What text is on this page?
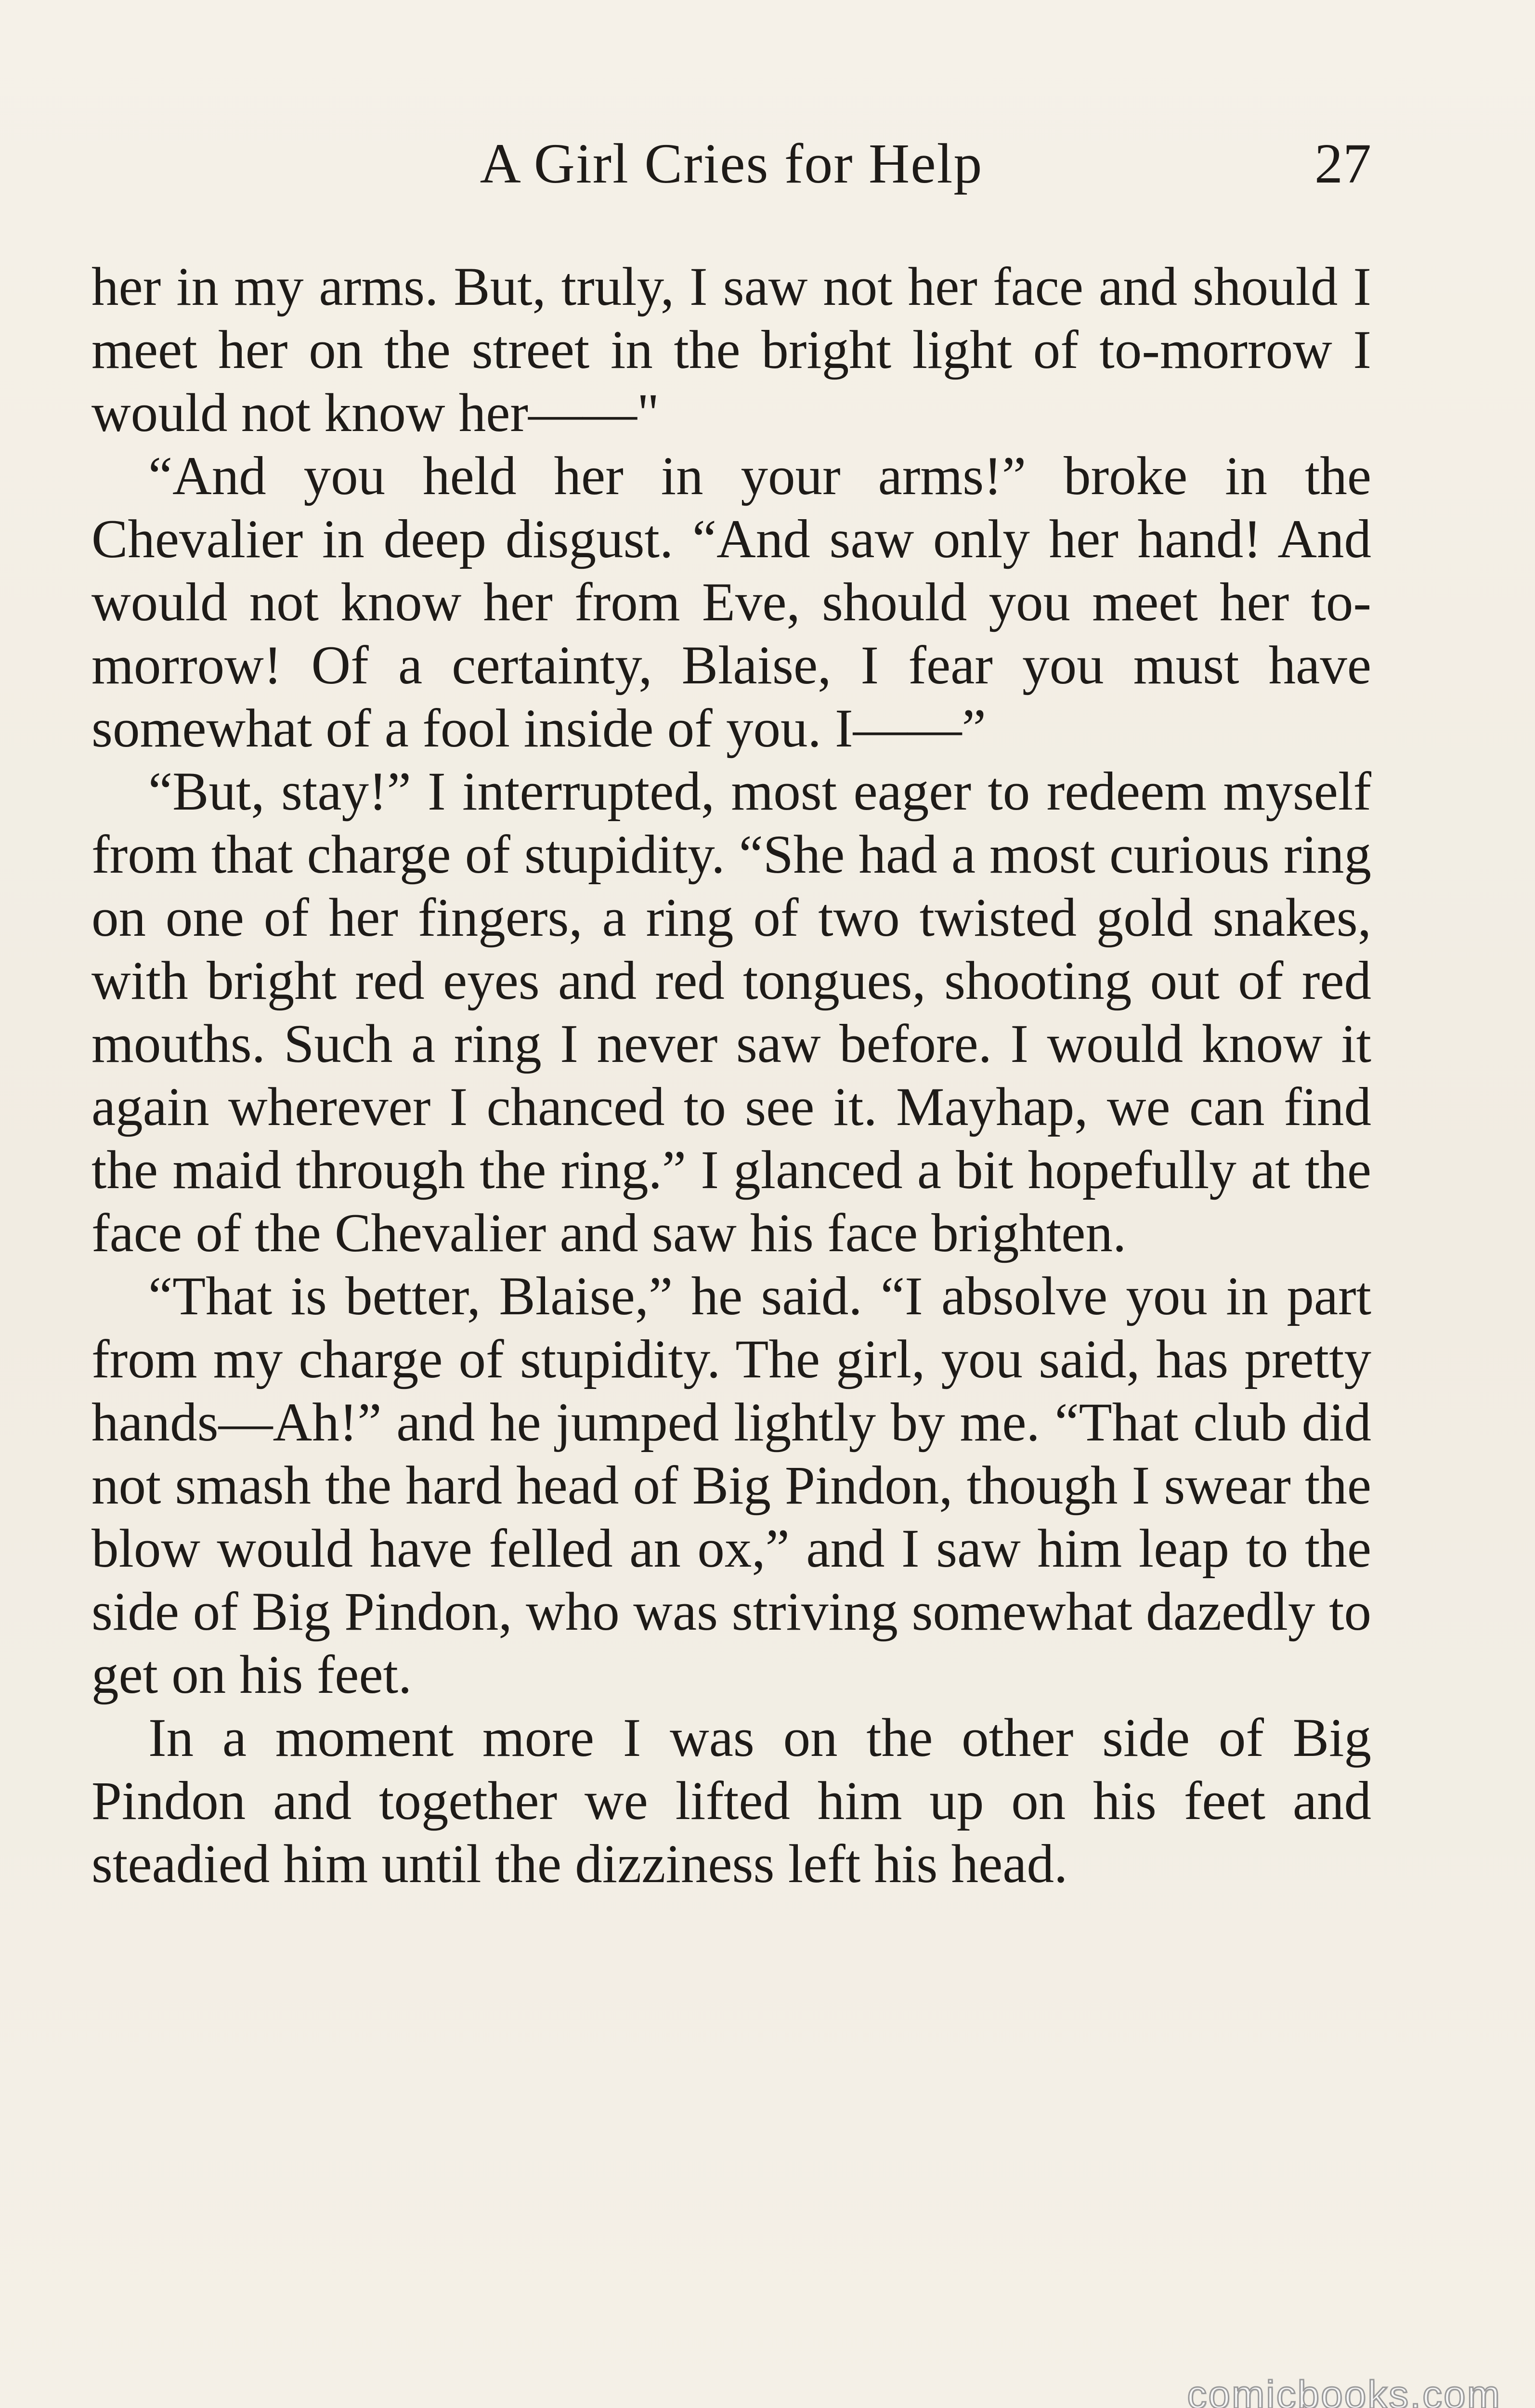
A Girl Cries for Help	27

her in my arms. But, truly, I saw not her face and should I meet her on the street in the bright light of to-morrow I would not know her——"

“And you held her in your arms!” broke in the Chevalier in deep disgust. “And saw only her hand! And would not know her from Eve, should you meet her to-morrow! Of a certainty, Blaise, I fear you must have somewhat of a fool inside of you. I——”

“But, stay!” I interrupted, most eager to redeem myself from that charge of stupidity. “She had a most curious ring on one of her fingers, a ring of two twisted gold snakes, with bright red eyes and red tongues, shooting out of red mouths. Such a ring I never saw before. I would know it again wherever I chanced to see it. Mayhap, we can find the maid through the ring.” I glanced a bit hopefully at the face of the Chevalier and saw his face brighten.

“That is better, Blaise,” he said. “I absolve you in part from my charge of stupidity. The girl, you said, has pretty hands—Ah!” and he jumped lightly by me. “That club did not smash the hard head of Big Pindon, though I swear the blow would have felled an ox,” and I saw him leap to the side of Big Pindon, who was striving somewhat dazedly to get on his feet.

In a moment more I was on the other side of Big Pindon and together we lifted him up on his feet and steadied him until the dizziness left his head.

comicbooks.com
